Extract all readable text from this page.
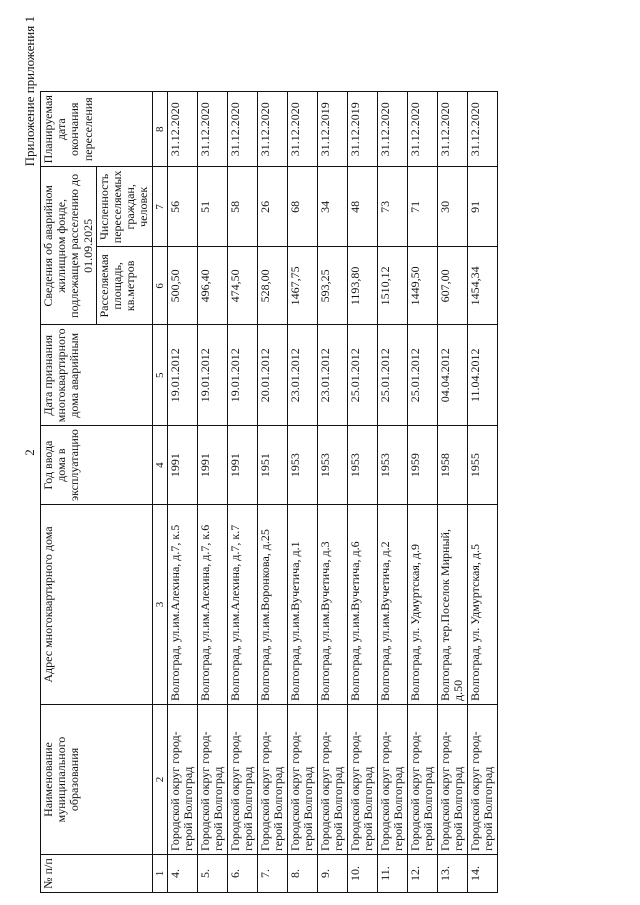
2
Приложение приложения 1
№ п/п	Наименование муниципального образования	Адрес многоквартирного дома	Год ввода дома в эксплуатацию	Дата признания многоквартирного дома аварийным	Сведения об аварийном жилищном фонде, подлежащем расселению до 01.09.2025		Планируемая дата окончания переселения
					Расселяемая площадь, кв.метров	Численность переселяемых граждан, человек	
1	2	3	4	5	6	7	8
4.	Городской округ город-герой Волгоград	Волгоград, ул.им.Алехина, д.7, к.5	1991	19.01.2012	500,50	56	31.12.2020
5.	Городской округ город-герой Волгоград	Волгоград, ул.им.Алехина, д.7, к.6	1991	19.01.2012	496,40	51	31.12.2020
6.	Городской округ город-герой Волгоград	Волгоград, ул.им.Алехина, д.7, к.7	1991	19.01.2012	474,50	58	31.12.2020
7.	Городской округ город-герой Волгоград	Волгоград, ул.им.Воронкова, д.25	1951	20.01.2012	528,00	26	31.12.2020
8.	Городской округ город-герой Волгоград	Волгоград, ул.им.Вучетича, д.1	1953	23.01.2012	1467,75	68	31.12.2020
9.	Городской округ город-герой Волгоград	Волгоград, ул.им.Вучетича, д.3	1953	23.01.2012	593,25	34	31.12.2019
10.	Городской округ город-герой Волгоград	Волгоград, ул.им.Вучетича, д.6	1953	25.01.2012	1193,80	48	31.12.2019
11.	Городской округ город-герой Волгоград	Волгоград, ул.им.Вучетича, д.2	1953	25.01.2012	1510,12	73	31.12.2020
12.	Городской округ город-герой Волгоград	Волгоград, ул. Удмуртская, д.9	1959	25.01.2012	1449,50	71	31.12.2020
13.	Городской округ город-герой Волгоград	Волгоград, тер.Поселок Мирный, д.50	1958	04.04.2012	607,00	30	31.12.2020
14.	Городской округ город-герой Волгоград	Волгоград, ул. Удмуртская, д.5	1955	11.04.2012	1454,34	91	31.12.2020
